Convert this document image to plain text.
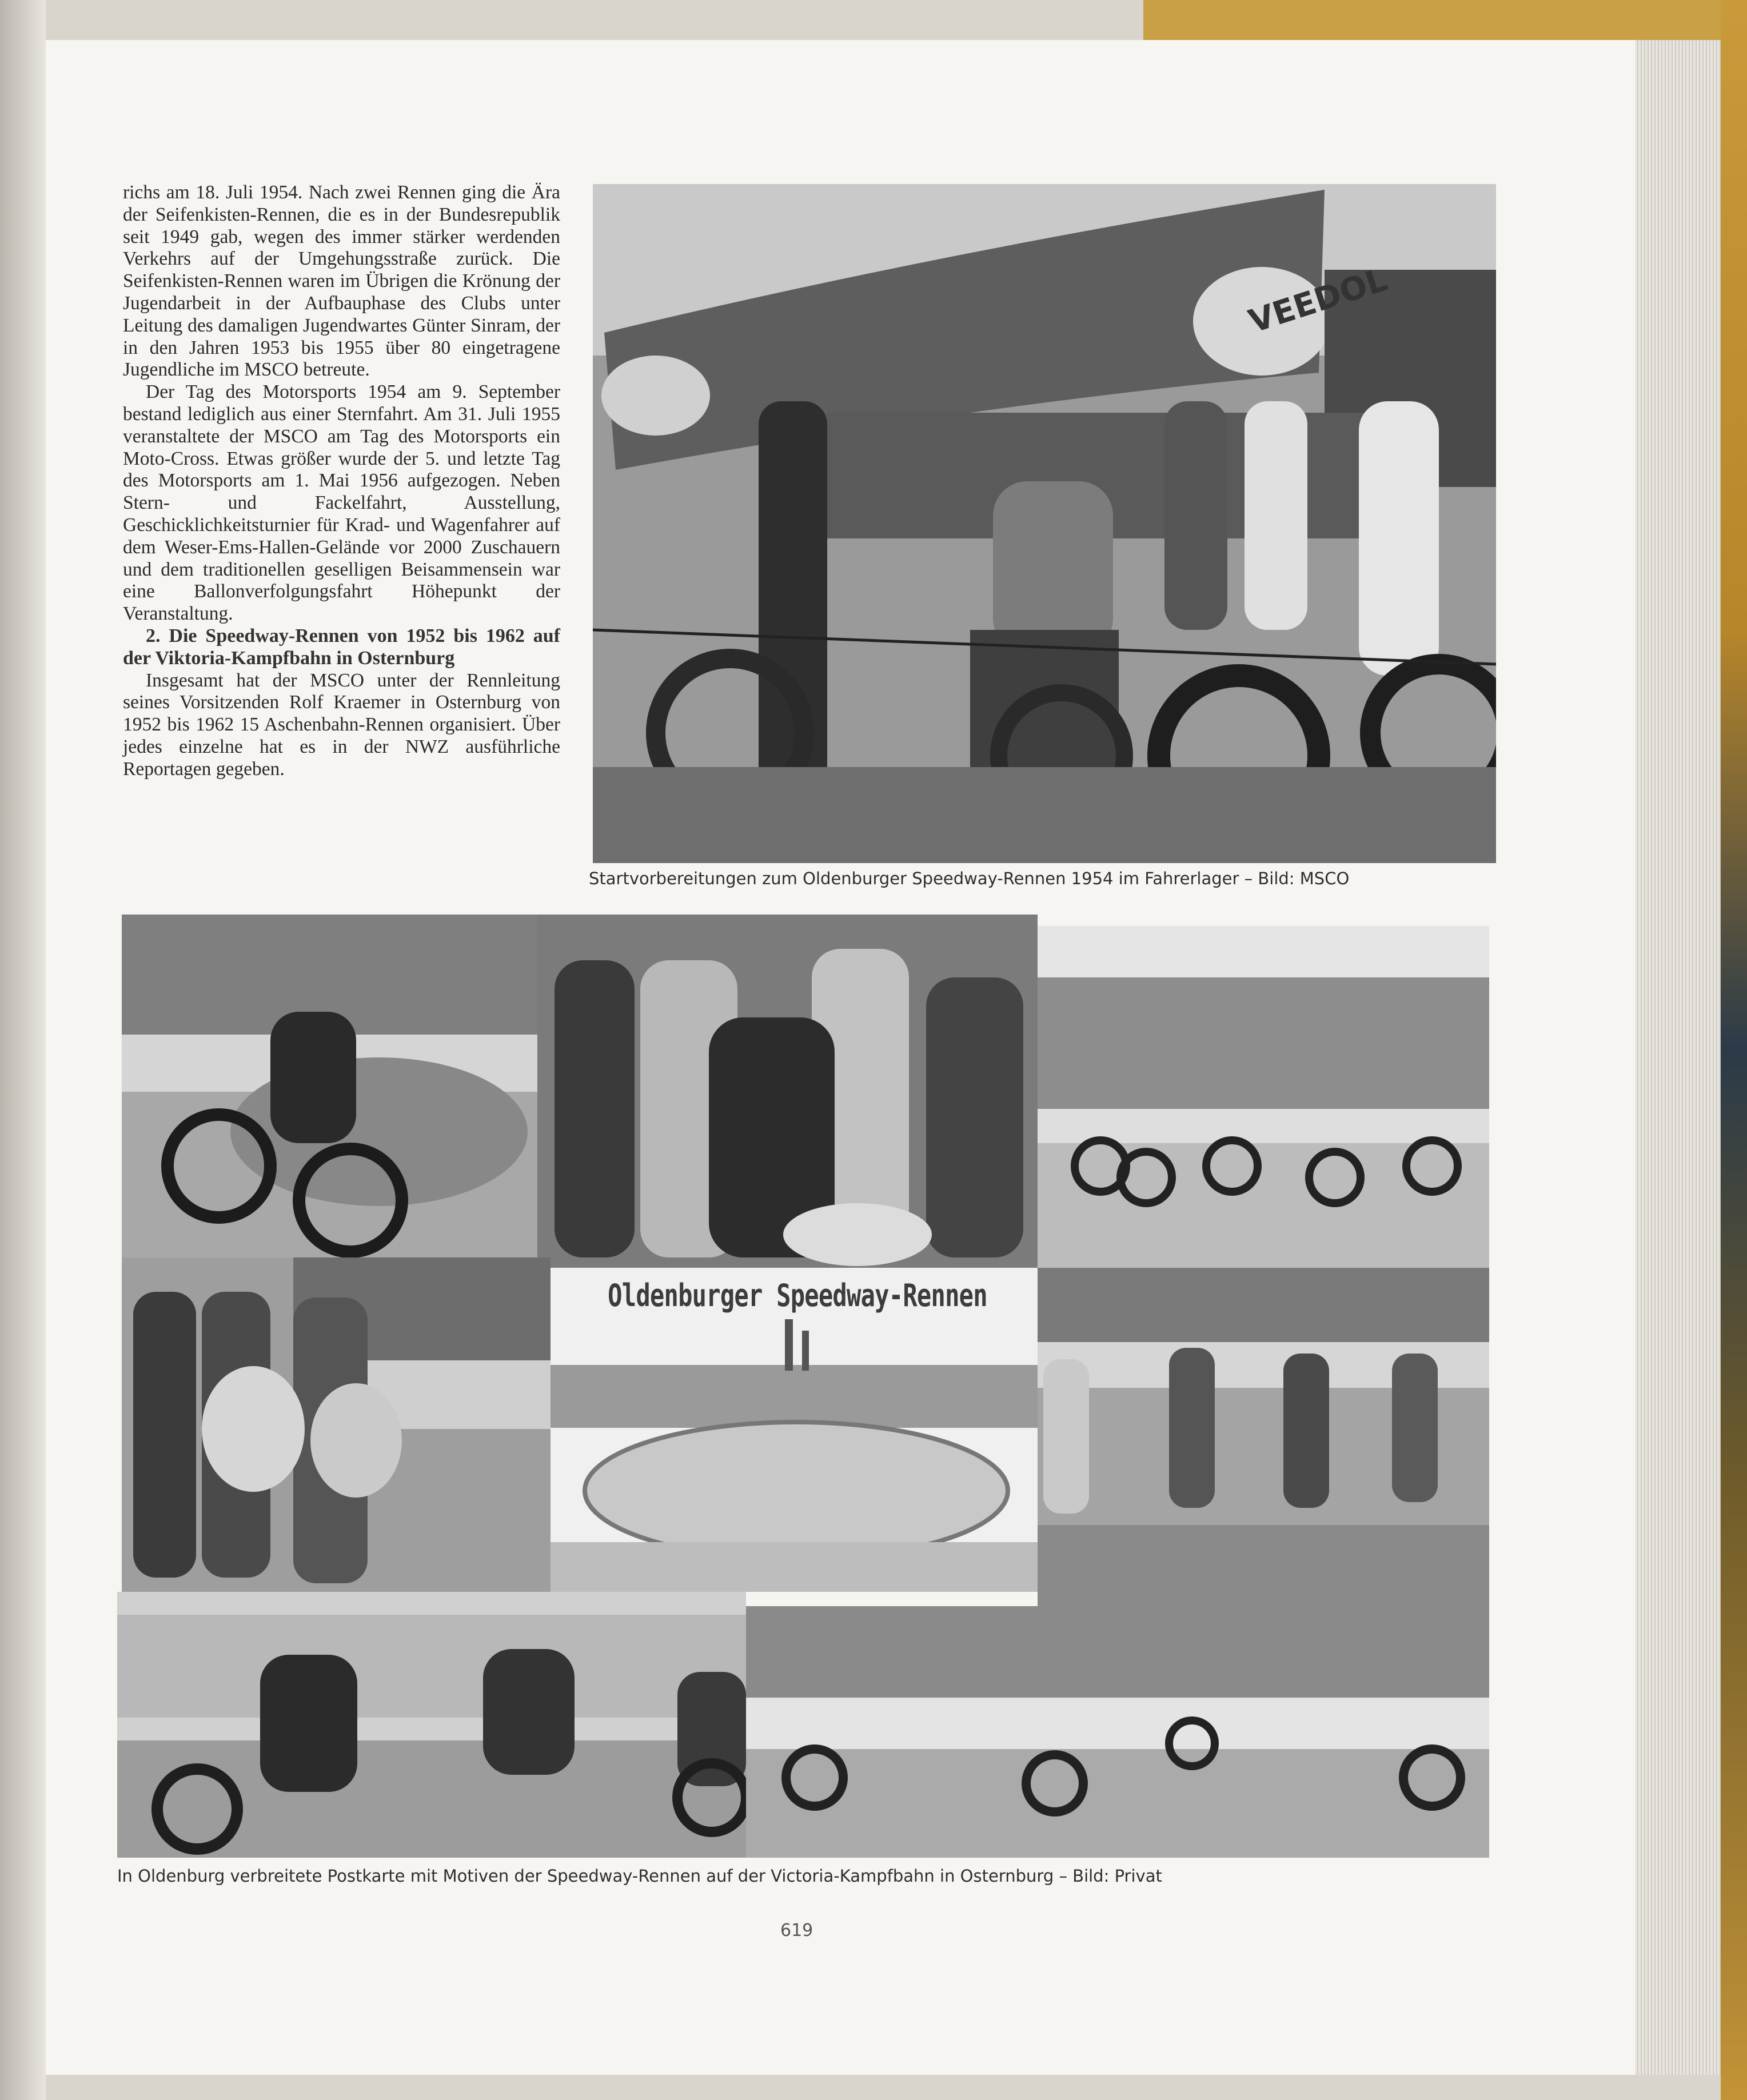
richs am 18. Juli 1954. Nach zwei Rennen ging die Ära der Seifenkisten-Rennen, die es in der Bundesrepublik seit 1949 gab, wegen des immer stärker werdenden Verkehrs auf der Umgehungsstraße zurück. Die Seifenkisten-Rennen waren im Übrigen die Krönung der Jugendarbeit in der Aufbauphase des Clubs unter Leitung des damaligen Jugendwartes Günter Sinram, der in den Jahren 1953 bis 1955 über 80 eingetragene Jugendliche im MSCO betreute.

Der Tag des Motorsports 1954 am 9. September bestand lediglich aus einer Sternfahrt. Am 31. Juli 1955 veranstaltete der MSCO am Tag des Motorsports ein Moto-Cross. Etwas größer wurde der 5. und letzte Tag des Motorsports am 1. Mai 1956 aufgezogen. Neben Stern- und Fackelfahrt, Ausstellung, Geschicklichkeitsturnier für Krad- und Wagenfahrer auf dem Weser-Ems-Hallen-Gelände vor 2000 Zuschauern und dem traditionellen geselligen Beisammensein war eine Ballonverfolgungsfahrt Höhepunkt der Veranstaltung.

2. Die Speedway-Rennen von 1952 bis 1962 auf der Viktoria-Kampfbahn in Osternburg

Insgesamt hat der MSCO unter der Rennleitung seines Vorsitzenden Rolf Kraemer in Osternburg von 1952 bis 1962 15 Aschenbahn-Rennen organisiert. Über jedes einzelne hat es in der NWZ ausführliche Reportagen gegeben.

VEEDOL
Startvorbereitungen zum Oldenburger Speedway-Rennen 1954 im Fahrerlager – Bild: MSCO
Oldenburger Speedway-Rennen
In Oldenburg verbreitete Postkarte mit Motiven der Speedway-Rennen auf der Victoria-Kampfbahn in Osternburg – Bild: Privat
619
